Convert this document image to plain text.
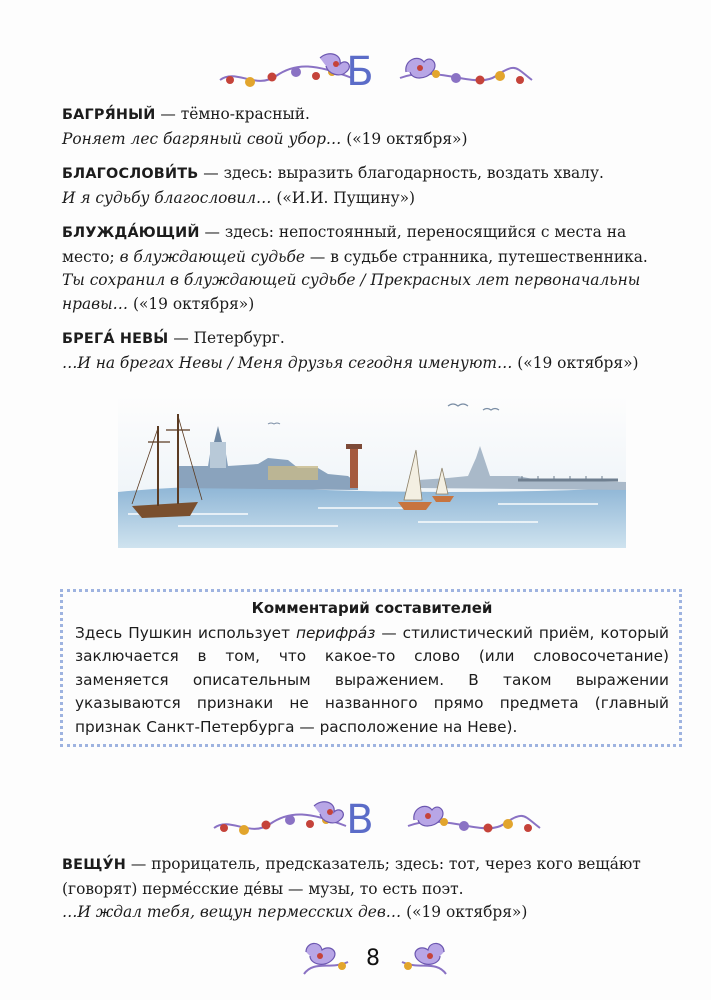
Б

БАГРЯ́НЫЙ — тёмно-красный.

Роняет лес багряный свой убор… («19 октября»)

БЛАГОСЛОВИ́ТЬ — здесь: выразить благодарность, воздать хвалу.

И я судьбу благословил… («И.И. Пущину»)

БЛУЖДА́ЮЩИЙ — здесь: непостоянный, переносящийся с места на место; в блуждающей судьбе — в судьбе странника, путешественника.

Ты сохранил в блуждающей судьбе / Прекрасных лет первоначальны нравы… («19 октября»)

БРЕГА́ НЕВЫ́ — Петербург.

…И на брегах Невы / Меня друзья сегодня именуют… («19 октября»)

Комментарий составителей

Здесь Пушкин использует перифра́з — стилистический приём, который заключается в том, что какое-то слово (или словосочетание) заменяется описательным выражением. В таком выражении указываются признаки не названного прямо предмета (главный признак Санкт-Петербурга — расположение на Неве).

В

ВЕЩУ́Н — прорицатель, предсказатель; здесь: тот, через кого веща́ют (говорят) перме́сские де́вы — музы, то есть поэт.

…И ждал тебя, вещун пермесских дев… («19 октября»)

8
